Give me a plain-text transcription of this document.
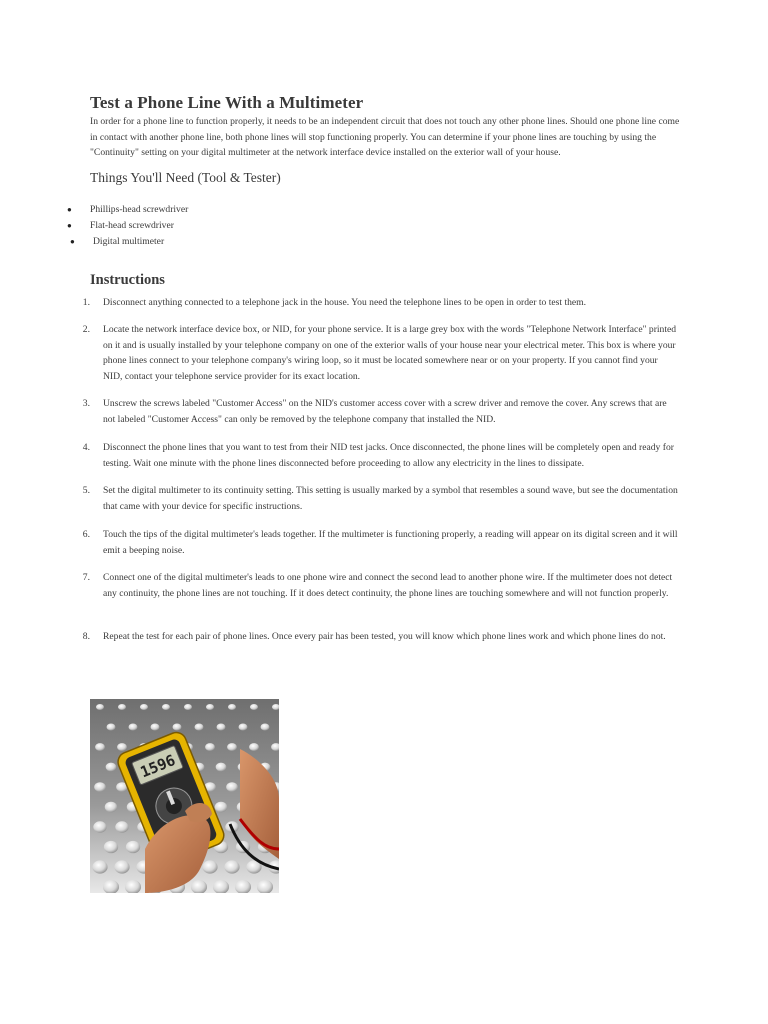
Test a Phone Line With a Multimeter

In order for a phone line to function properly, it needs to be an independent circuit that does not touch any other phone lines. Should one phone line come in contact with another phone line, both phone lines will stop functioning properly. You can determine if your phone lines are touching by using the "Continuity" setting on your digital multimeter at the network interface device installed on the exterior wall of your house.

Things You'll Need (Tool & Tester)
● Phillips-head screwdriver
● Flat-head screwdriver
● Digital multimeter
Instructions
1. Disconnect anything connected to a telephone jack in the house. You need the telephone lines to be open in order to test them.
2. Locate the network interface device box, or NID, for your phone service. It is a large grey box with the words "Telephone Network Interface" printed on it and is usually installed by your telephone company on one of the exterior walls of your house near your electrical meter. This box is where your phone lines connect to your telephone company's wiring loop, so it must be located somewhere near or on your property. If you cannot find your NID, contact your telephone service provider for its exact location.
3. Unscrew the screws labeled "Customer Access" on the NID's customer access cover with a screw driver and remove the cover. Any screws that are not labeled "Customer Access" can only be removed by the telephone company that installed the NID.
4. Disconnect the phone lines that you want to test from their NID test jacks. Once disconnected, the phone lines will be completely open and ready for testing. Wait one minute with the phone lines disconnected before proceeding to allow any electricity in the lines to dissipate.
5. Set the digital multimeter to its continuity setting. This setting is usually marked by a symbol that resembles a sound wave, but see the documentation that came with your device for specific instructions.
6. Touch the tips of the digital multimeter's leads together. If the multimeter is functioning properly, a reading will appear on its digital screen and it will emit a beeping noise.
7. Connect one of the digital multimeter's leads to one phone wire and connect the second lead to another phone wire. If the multimeter does not detect any continuity, the phone lines are not touching. If it does detect continuity, the phone lines are touching somewhere and will not function properly.
8. Repeat the test for each pair of phone lines. Once every pair has been tested, you will know which phone lines work and which phone lines do not.
1596
